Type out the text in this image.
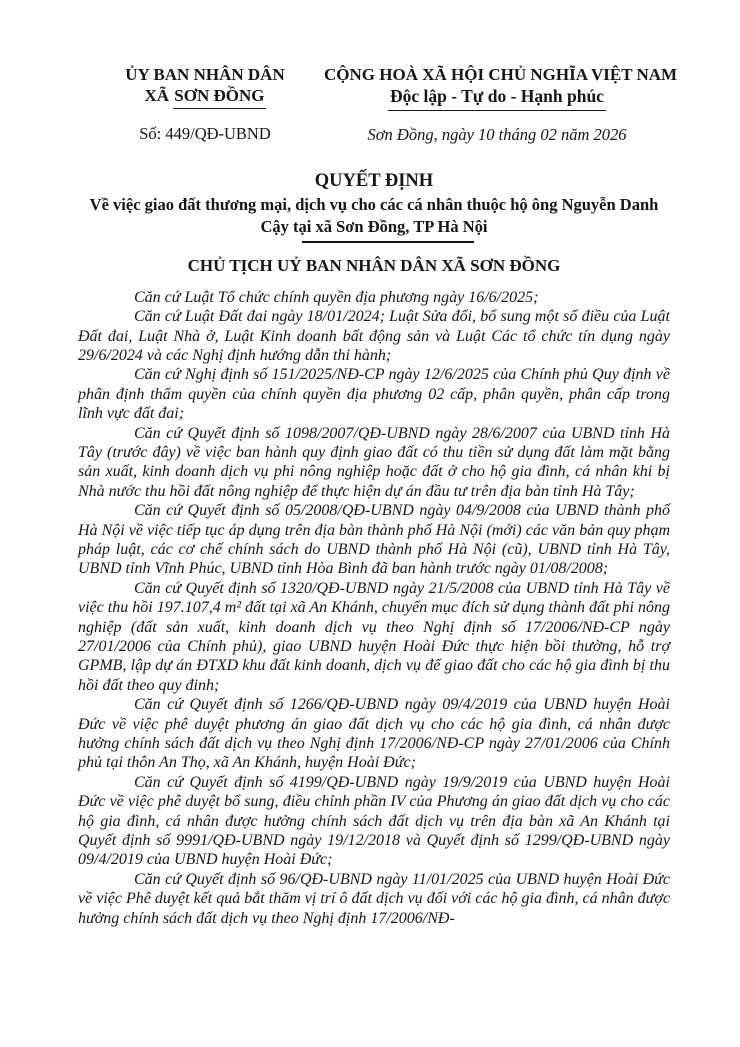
ỦY BAN NHÂN DÂN
XÃ SƠN ĐỒNG
Số: 449/QĐ-UBND
CỘNG HOÀ XÃ HỘI CHỦ NGHĨA VIỆT NAM
Độc lập - Tự do - Hạnh phúc
Sơn Đồng, ngày 10 tháng 02 năm 2026
QUYẾT ĐỊNH
Về việc giao đất thương mại, dịch vụ cho các cá nhân thuộc hộ ông Nguyễn Danh Cậy tại xã Sơn Đồng, TP Hà Nội
CHỦ TỊCH UỶ BAN NHÂN DÂN XÃ SƠN ĐỒNG

Căn cứ Luật Tổ chức chính quyền địa phương ngày 16/6/2025;

Căn cứ Luật Đất đai ngày 18/01/2024; Luật Sửa đổi, bổ sung một số điều của Luật Đất đai, Luật Nhà ở, Luật Kinh doanh bất động sản và Luật Các tổ chức tín dụng ngày 29/6/2024 và các Nghị định hướng dẫn thi hành;

Căn cứ Nghị định số 151/2025/NĐ-CP ngày 12/6/2025 của Chính phủ Quy định về phân định thẩm quyền của chính quyền địa phương 02 cấp, phân quyền, phân cấp trong lĩnh vực đất đai;

Căn cứ Quyết định số 1098/2007/QĐ-UBND ngày 28/6/2007 của UBND tỉnh Hà Tây (trước đây) về việc ban hành quy định giao đất có thu tiền sử dụng đất làm mặt bằng sản xuất, kinh doanh dịch vụ phi nông nghiệp hoặc đất ở cho hộ gia đình, cá nhân khi bị Nhà nước thu hồi đất nông nghiệp để thực hiện dự án đầu tư trên địa bàn tỉnh Hà Tây;

Căn cứ Quyết định số 05/2008/QĐ-UBND ngày 04/9/2008 của UBND thành phố Hà Nội về việc tiếp tục áp dụng trên địa bàn thành phố Hà Nội (mới) các văn bản quy phạm pháp luật, các cơ chế chính sách do UBND thành phố Hà Nội (cũ), UBND tỉnh Hà Tây, UBND tỉnh Vĩnh Phúc, UBND tỉnh Hòa Bình đã ban hành trước ngày 01/08/2008;

Căn cứ Quyết định số 1320/QĐ-UBND ngày 21/5/2008 của UBND tỉnh Hà Tây về việc thu hồi 197.107,4 m² đất tại xã An Khánh, chuyển mục đích sử dụng thành đất phi nông nghiệp (đất sản xuất, kinh doanh dịch vụ theo Nghị định số 17/2006/NĐ-CP ngày 27/01/2006 của Chính phủ), giao UBND huyện Hoài Đức thực hiện bồi thường, hỗ trợ GPMB, lập dự án ĐTXD khu đất kinh doanh, dịch vụ để giao đất cho các hộ gia đình bị thu hồi đất theo quy đinh;

Căn cứ Quyết định số 1266/QĐ-UBND ngày 09/4/2019 của UBND huyện Hoài Đức về việc phê duyệt phương án giao đất dịch vụ cho các hộ gia đình, cá nhân được hưởng chính sách đất dịch vụ theo Nghị định 17/2006/NĐ-CP ngày 27/01/2006 của Chính phủ tại thôn An Thọ, xã An Khánh, huyện Hoài Đức;

Căn cứ Quyết định số 4199/QĐ-UBND ngày 19/9/2019 của UBND huyện Hoài Đức về việc phê duyệt bổ sung, điều chỉnh phần IV của Phương án giao đất dịch vụ cho các hộ gia đình, cá nhân được hưởng chính sách đất dịch vụ trên địa bàn xã An Khánh tại Quyết định số 9991/QĐ-UBND ngày 19/12/2018 và Quyết định số 1299/QĐ-UBND ngày 09/4/2019 của UBND huyện Hoài Đức;

Căn cứ Quyết định số 96/QĐ-UBND ngày 11/01/2025 của UBND huyện Hoài Đức về việc Phê duyệt kết quả bắt thăm vị trí ô đất dịch vụ đối với các hộ gia đình, cá nhân được hưởng chính sách đất dịch vụ theo Nghị định 17/2006/NĐ-
